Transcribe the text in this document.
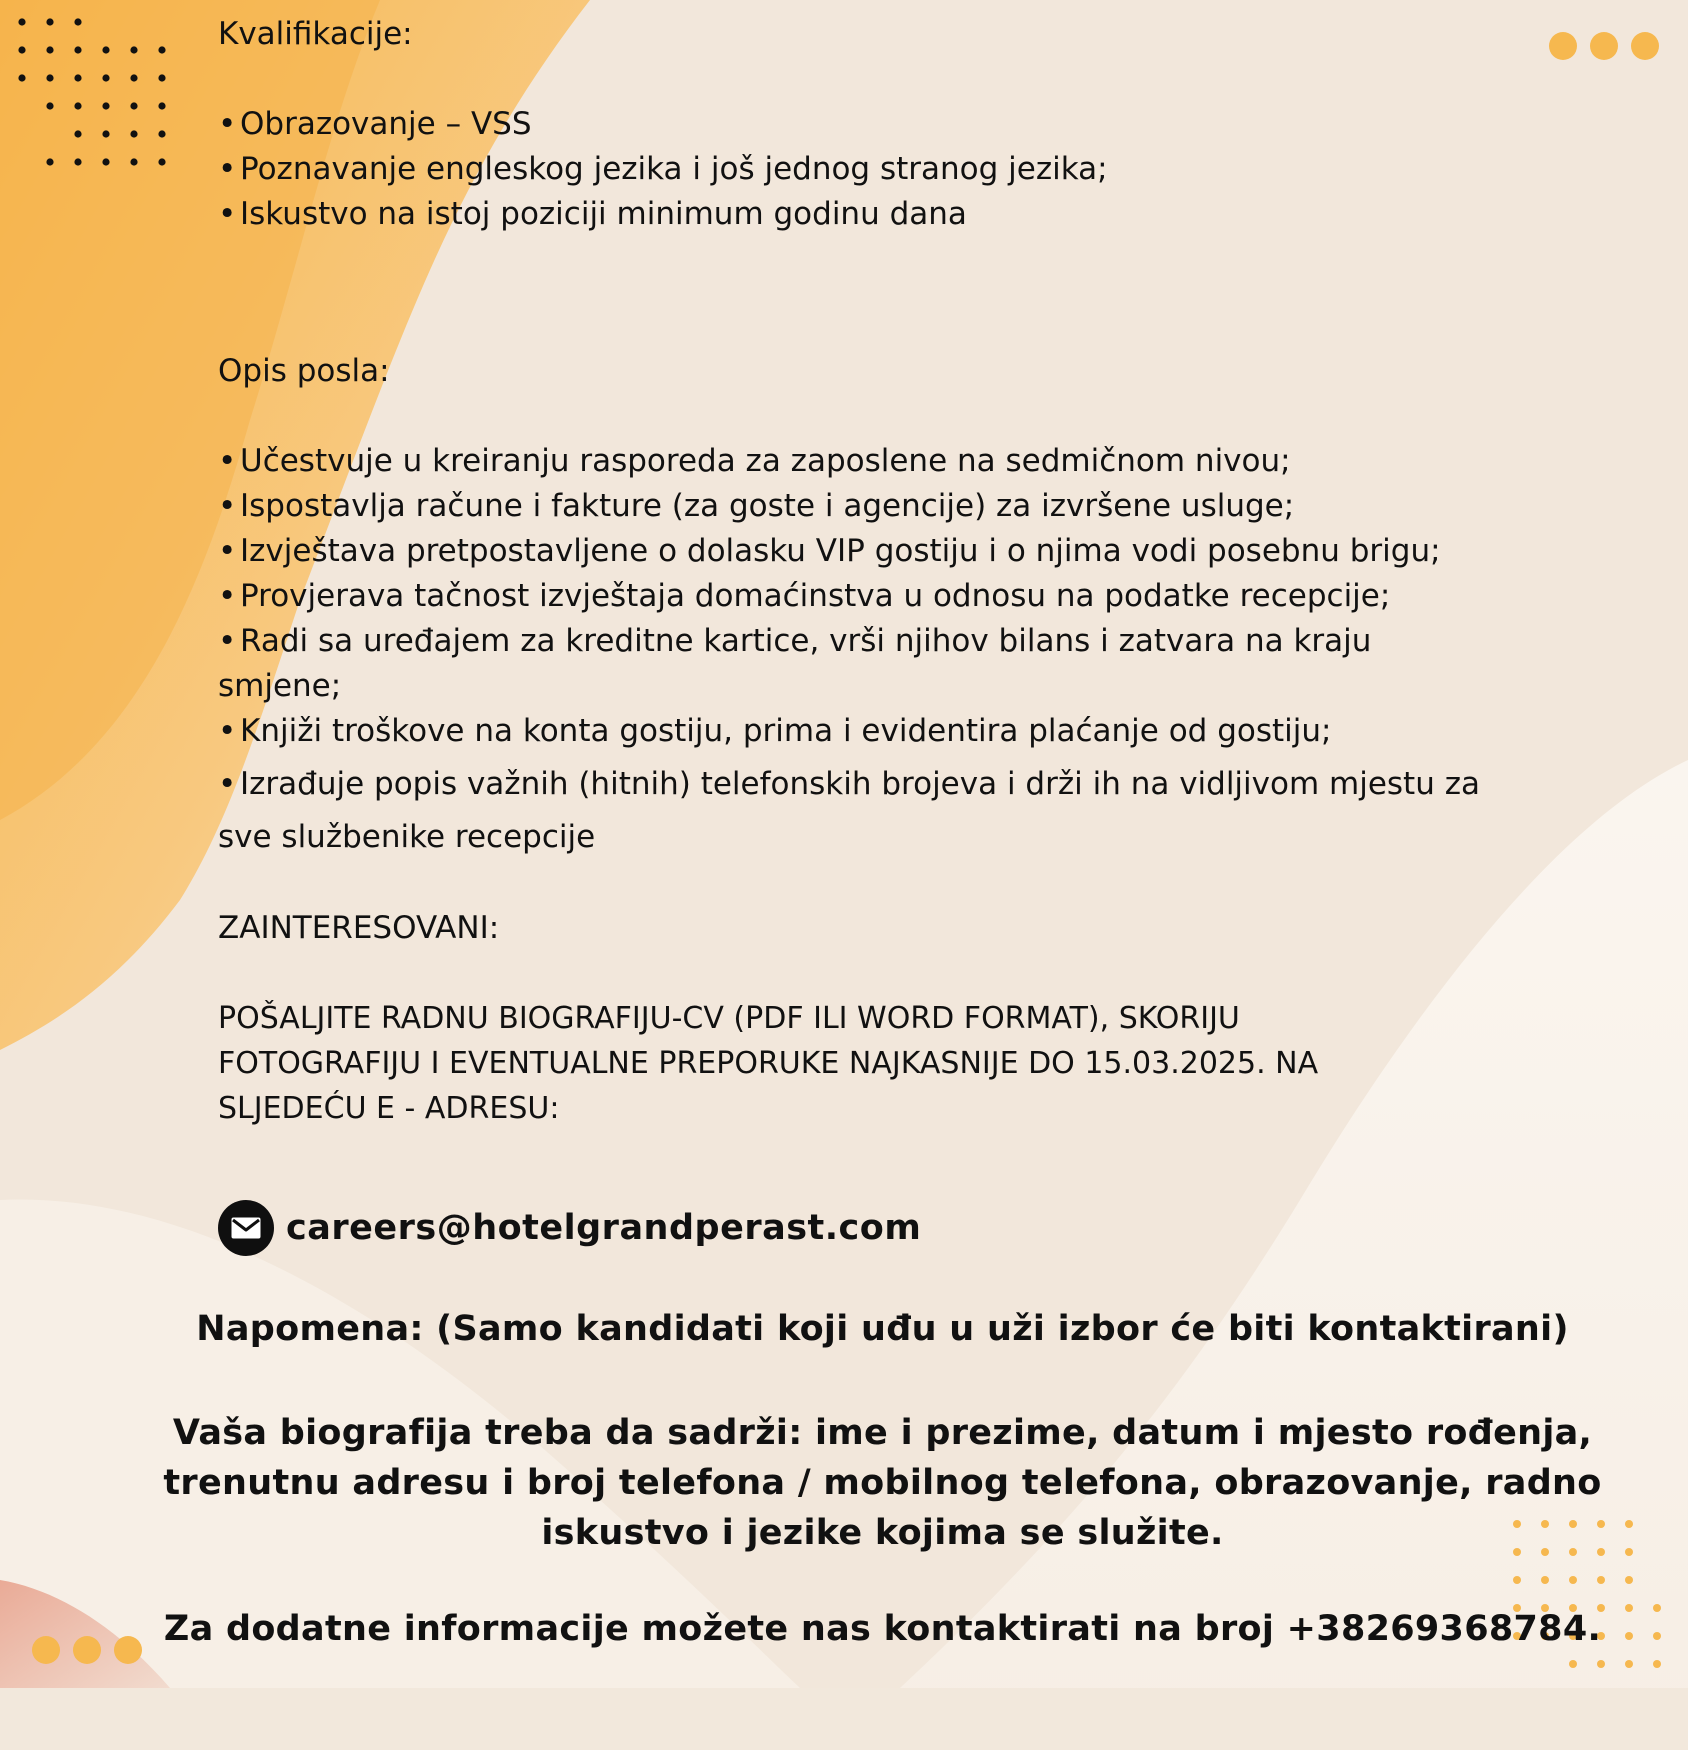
Kvalifikacije:

• Obrazovanje – VSS
• Poznavanje engleskog jezika i još jednog stranog jezika;
• Iskustvo na istoj poziciji minimum godinu dana

Opis posla:

• Učestvuje u kreiranju rasporeda za zaposlene na sedmičnom nivou;
• Ispostavlja račune i fakture (za goste i agencije) za izvršene usluge;
• Izvještava pretpostavljene o dolasku VIP gostiju i o njima vodi posebnu brigu;
• Provjerava tačnost izvještaja domaćinstva u odnosu na podatke recepcije;
• Radi sa uređajem za kreditne kartice, vrši njihov bilans i zatvara na kraju smjene;
• Knjiži troškove na konta gostiju, prima i evidentira plaćanje od gostiju;
• Izrađuje popis važnih (hitnih) telefonskih brojeva i drži ih na vidljivom mjestu za sve službenike recepcije

ZAINTERESOVANI:

POŠALJITE RADNU BIOGRAFIJU-CV (PDF ILI WORD FORMAT), SKORIJU FOTOGRAFIJU I EVENTUALNE PREPORUKE NAJKASNIJE DO 15.03.2025. NA SLJEDEĆU E - ADRESU:

careers@hotelgrandperast.com

Napomena: (Samo kandidati koji uđu u uži izbor će biti kontaktirani)

Vaša biografija treba da sadrži: ime i prezime, datum i mjesto rođenja, trenutnu adresu i broj telefona / mobilnog telefona, obrazovanje, radno iskustvo i jezike kojima se služite.

Za dodatne informacije možete nas kontaktirati na broj +38269368784.
